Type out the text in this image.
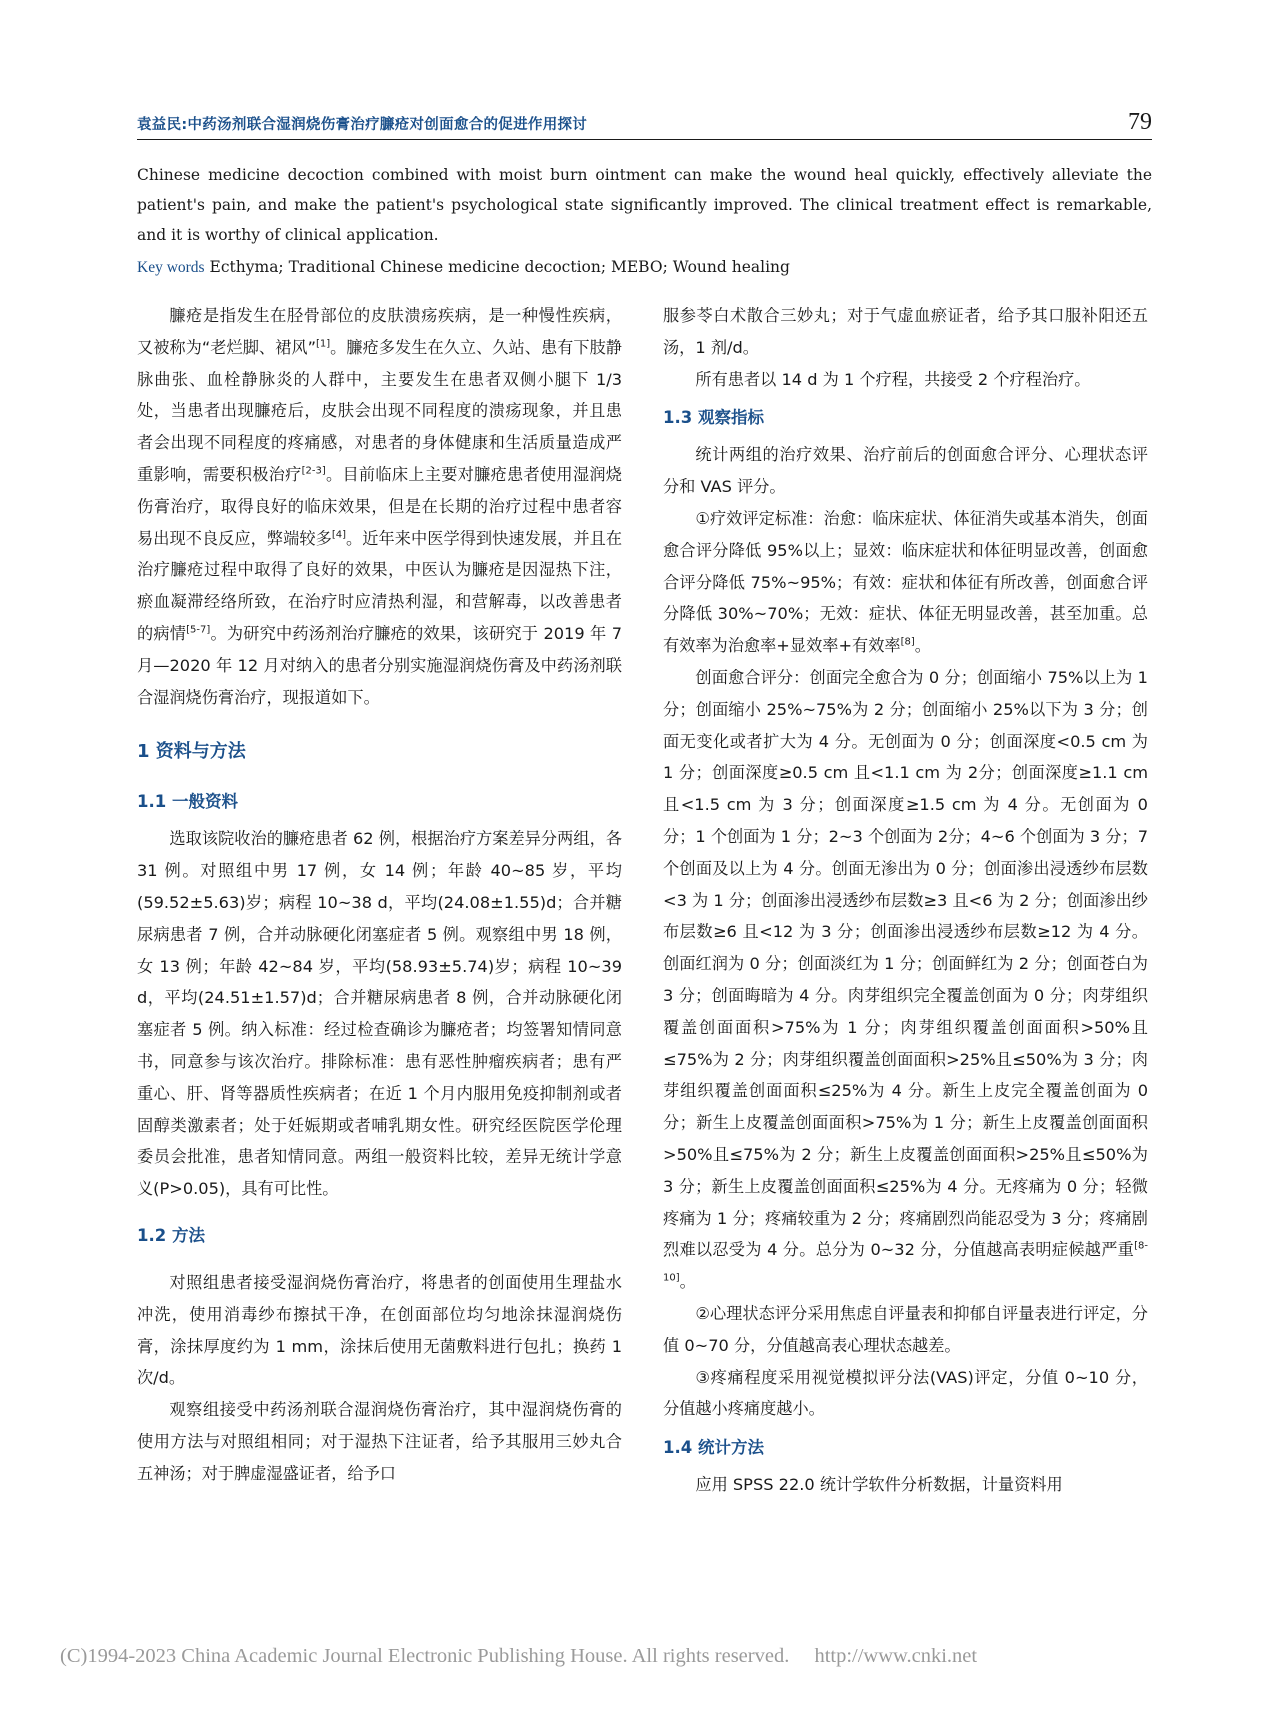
袁益民:中药汤剂联合湿润烧伤膏治疗臁疮对创面愈合的促进作用探讨	79

Chinese medicine decoction combined with moist burn ointment can make the wound heal quickly, effectively alleviate the patient's pain, and make the patient's psychological state significantly improved. The clinical treatment effect is remarkable, and it is worthy of clinical application.

Key words Ecthyma; Traditional Chinese medicine decoction; MEBO; Wound healing

臁疮是指发生在胫骨部位的皮肤溃疡疾病，是一种慢性疾病，又被称为“老烂脚、裙风”[1]。臁疮多发生在久立、久站、患有下肢静脉曲张、血栓静脉炎的人群中，主要发生在患者双侧小腿下 1/3 处，当患者出现臁疮后，皮肤会出现不同程度的溃疡现象，并且患者会出现不同程度的疼痛感，对患者的身体健康和生活质量造成严重影响，需要积极治疗[2-3]。目前临床上主要对臁疮患者使用湿润烧伤膏治疗，取得良好的临床效果，但是在长期的治疗过程中患者容易出现不良反应，弊端较多[4]。近年来中医学得到快速发展，并且在治疗臁疮过程中取得了良好的效果，中医认为臁疮是因湿热下注，瘀血凝滞经络所致，在治疗时应清热利湿，和营解毒，以改善患者的病情[5-7]。为研究中药汤剂治疗臁疮的效果，该研究于 2019 年 7 月—2020 年 12 月对纳入的患者分别实施湿润烧伤膏及中药汤剂联合湿润烧伤膏治疗，现报道如下。

1 资料与方法
1.1 一般资料

选取该院收治的臁疮患者 62 例，根据治疗方案差异分两组，各 31 例。对照组中男 17 例，女 14 例；年龄 40~85 岁，平均(59.52±5.63)岁；病程 10~38 d，平均(24.08±1.55)d；合并糖尿病患者 7 例，合并动脉硬化闭塞症者 5 例。观察组中男 18 例，女 13 例；年龄 42~84 岁，平均(58.93±5.74)岁；病程 10~39 d，平均(24.51±1.57)d；合并糖尿病患者 8 例，合并动脉硬化闭塞症者 5 例。纳入标准：经过检查确诊为臁疮者；均签署知情同意书，同意参与该次治疗。排除标准：患有恶性肿瘤疾病者；患有严重心、肝、肾等器质性疾病者；在近 1 个月内服用免疫抑制剂或者固醇类激素者；处于妊娠期或者哺乳期女性。研究经医院医学伦理委员会批准，患者知情同意。两组一般资料比较，差异无统计学意义(P>0.05)，具有可比性。

1.2 方法

对照组患者接受湿润烧伤膏治疗，将患者的创面使用生理盐水冲洗，使用消毒纱布擦拭干净，在创面部位均匀地涂抹湿润烧伤膏，涂抹厚度约为 1 mm，涂抹后使用无菌敷料进行包扎；换药 1 次/d。

观察组接受中药汤剂联合湿润烧伤膏治疗，其中湿润烧伤膏的使用方法与对照组相同；对于湿热下注证者，给予其服用三妙丸合五神汤；对于脾虚湿盛证者，给予口

服参苓白术散合三妙丸；对于气虚血瘀证者，给予其口服补阳还五汤，1 剂/d。

所有患者以 14 d 为 1 个疗程，共接受 2 个疗程治疗。

1.3 观察指标

统计两组的治疗效果、治疗前后的创面愈合评分、心理状态评分和 VAS 评分。

①疗效评定标准：治愈：临床症状、体征消失或基本消失，创面愈合评分降低 95%以上；显效：临床症状和体征明显改善，创面愈合评分降低 75%~95%；有效：症状和体征有所改善，创面愈合评分降低 30%~70%；无效：症状、体征无明显改善，甚至加重。总有效率为治愈率+显效率+有效率[8]。

创面愈合评分：创面完全愈合为 0 分；创面缩小 75%以上为 1 分；创面缩小 25%~75%为 2 分；创面缩小 25%以下为 3 分；创面无变化或者扩大为 4 分。无创面为 0 分；创面深度<0.5 cm 为 1 分；创面深度≥0.5 cm 且<1.1 cm 为 2分；创面深度≥1.1 cm 且<1.5 cm 为 3 分；创面深度≥1.5 cm 为 4 分。无创面为 0 分；1 个创面为 1 分；2~3 个创面为 2分；4~6 个创面为 3 分；7 个创面及以上为 4 分。创面无渗出为 0 分；创面渗出浸透纱布层数<3 为 1 分；创面渗出浸透纱布层数≥3 且<6 为 2 分；创面渗出纱布层数≥6 且<12 为 3 分；创面渗出浸透纱布层数≥12 为 4 分。创面红润为 0 分；创面淡红为 1 分；创面鲜红为 2 分；创面苍白为 3 分；创面晦暗为 4 分。肉芽组织完全覆盖创面为 0 分；肉芽组织覆盖创面面积>75%为 1 分；肉芽组织覆盖创面面积>50%且≤75%为 2 分；肉芽组织覆盖创面面积>25%且≤50%为 3 分；肉芽组织覆盖创面面积≤25%为 4 分。新生上皮完全覆盖创面为 0 分；新生上皮覆盖创面面积>75%为 1 分；新生上皮覆盖创面面积>50%且≤75%为 2 分；新生上皮覆盖创面面积>25%且≤50%为 3 分；新生上皮覆盖创面面积≤25%为 4 分。无疼痛为 0 分；轻微疼痛为 1 分；疼痛较重为 2 分；疼痛剧烈尚能忍受为 3 分；疼痛剧烈难以忍受为 4 分。总分为 0~32 分，分值越高表明症候越严重[8-10]。

②心理状态评分采用焦虑自评量表和抑郁自评量表进行评定，分值 0~70 分，分值越高表心理状态越差。

③疼痛程度采用视觉模拟评分法(VAS)评定，分值 0~10 分，分值越小疼痛度越小。

1.4 统计方法

应用 SPSS 22.0 统计学软件分析数据，计量资料用

(C)1994-2023 China Academic Journal Electronic Publishing House. All rights reserved. http://www.cnki.net
